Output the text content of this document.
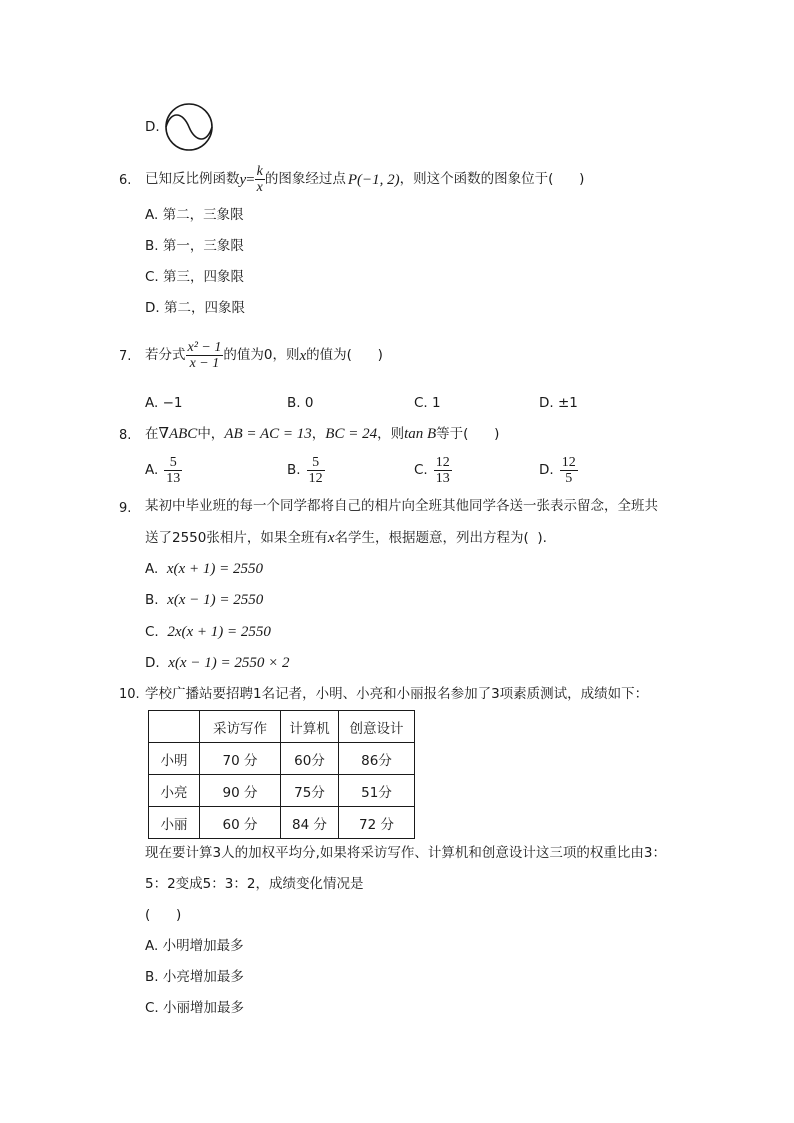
D.
6. 已知反比例函数 $y = \frac{k}{x}$ 的图象经过点 P(−1, 2) ，则这个函数的图象位于(      )
A. 第二，三象限
B. 第一，三象限
C. 第三，四象限
D. 第二，四象限
7. 若分式 $\frac{\text{x² − 1}}{x - 1}$ 的值为0，则 x 的值为(      )
A. −1	B. 0	C. 1	D. ±1
8. 在∇ABC中，AB = AC = 13，BC = 24，则tan B等于(      )
A. $\frac{5}{13}$	B. $\frac{5}{12}$	C. $\frac{12}{13}$	D. $\frac{12}{5}$
9. 某初中毕业班的每一个同学都将自己的相片向全班其他同学各送一张表示留念，全班共
送了2550张相片，如果全班有x名学生，根据题意，列出方程为(  ).
A. x(x + 1) = 2550
B. x(x − 1) = 2550
C. 2x(x + 1) = 2550
D. x(x − 1) = 2550 × 2
10. 学校广播站要招聘1名记者，小明、小亮和小丽报名参加了3项素质测试，成绩如下：
	采访写作	计算机	创意设计
小明	70 分	60分	86分
小亮	90 分	75分	51分
小丽	60 分	84 分	72 分
现在要计算3人的加权平均分,如果将采访写作、计算机和创意设计这三项的权重比由3：
5：2变成5：3：2，成绩变化情况是
(      )
A. 小明增加最多
B. 小亮增加最多
C. 小丽增加最多
